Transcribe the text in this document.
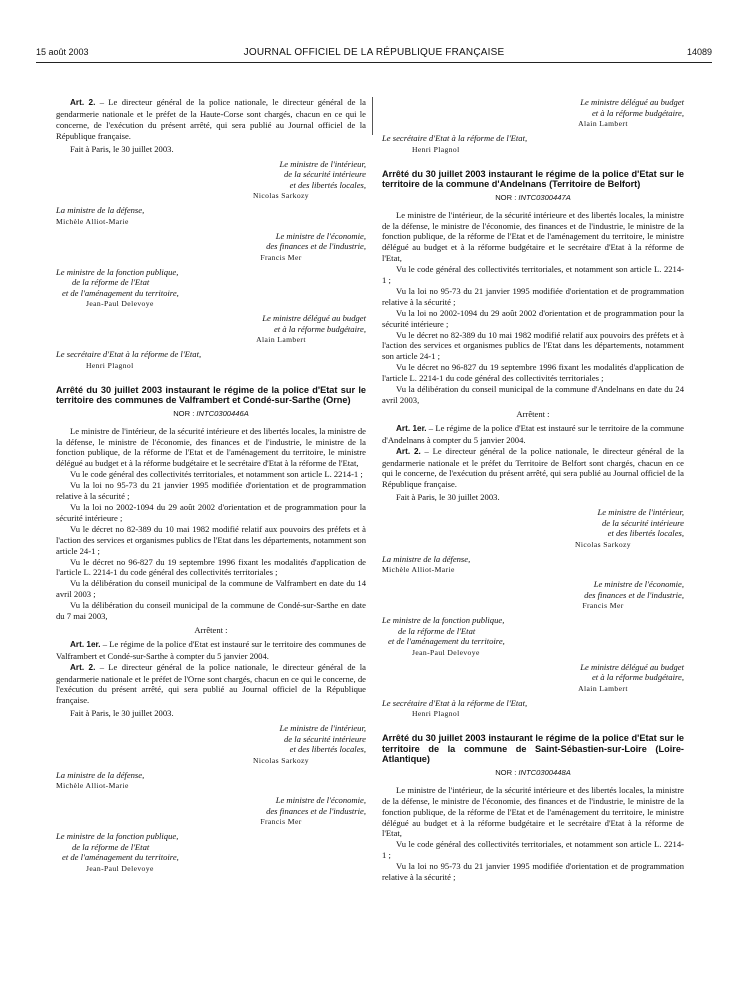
15 août 2003	JOURNAL OFFICIEL DE LA RÉPUBLIQUE FRANÇAISE	14089

Art. 2. – Le directeur général de la police nationale, le directeur général de la gendarmerie nationale et le préfet de la Haute-Corse sont chargés, chacun en ce qui le concerne, de l'exécution du présent arrêté, qui sera publié au Journal officiel de la République française.

Fait à Paris, le 30 juillet 2003.

Le ministre de l'intérieur,
de la sécurité intérieure
et des libertés locales,
Nicolas Sarkozy
La ministre de la défense,
Michèle Alliot-Marie
Le ministre de l'économie,
des finances et de l'industrie,
Francis Mer
Le ministre de la fonction publique,
de la réforme de l'Etat
et de l'aménagement du territoire,
Jean-Paul Delevoye
Le ministre délégué au budget
et à la réforme budgétaire,
Alain Lambert
Le secrétaire d'Etat à la réforme de l'Etat,
Henri Plagnol

Arrêté du 30 juillet 2003 instaurant le régime de la police d'Etat sur le territoire des communes de Valframbert et Condé-sur-Sarthe (Orne)

NOR : INTC0300446A

Le ministre de l'intérieur, de la sécurité intérieure et des libertés locales, la ministre de la défense, le ministre de l'économie, des finances et de l'industrie, le ministre de la fonction publique, de la réforme de l'Etat et de l'aménagement du territoire, le ministre délégué au budget et à la réforme budgétaire et le secrétaire d'Etat à la réforme de l'Etat,

Vu le code général des collectivités territoriales, et notamment son article L. 2214-1 ;

Vu la loi no 95-73 du 21 janvier 1995 modifiée d'orientation et de programmation relative à la sécurité ;

Vu la loi no 2002-1094 du 29 août 2002 d'orientation et de programmation pour la sécurité intérieure ;

Vu le décret no 82-389 du 10 mai 1982 modifié relatif aux pouvoirs des préfets et à l'action des services et organismes publics de l'Etat dans les départements, notamment son article 24-1 ;

Vu le décret no 96-827 du 19 septembre 1996 fixant les modalités d'application de l'article L. 2214-1 du code général des collectivités territoriales ;

Vu la délibération du conseil municipal de la commune de Valframbert en date du 14 avril 2003 ;

Vu la délibération du conseil municipal de la commune de Condé-sur-Sarthe en date du 7 mai 2003,

Arrêtent :

Art. 1er. – Le régime de la police d'Etat est instauré sur le territoire des communes de Valframbert et Condé-sur-Sarthe à compter du 5 janvier 2004.

Art. 2. – Le directeur général de la police nationale, le directeur général de la gendarmerie nationale et le préfet de l'Orne sont chargés, chacun en ce qui le concerne, de l'exécution du présent arrêté, qui sera publié au Journal officiel de la République française.

Fait à Paris, le 30 juillet 2003.

Le ministre de l'intérieur,
de la sécurité intérieure
et des libertés locales,
Nicolas Sarkozy
La ministre de la défense,
Michèle Alliot-Marie
Le ministre de l'économie,
des finances et de l'industrie,
Francis Mer
Le ministre de la fonction publique,
de la réforme de l'Etat
et de l'aménagement du territoire,
Jean-Paul Delevoye
Le ministre délégué au budget
et à la réforme budgétaire,
Alain Lambert
Le secrétaire d'Etat à la réforme de l'Etat,
Henri Plagnol

Arrêté du 30 juillet 2003 instaurant le régime de la police d'Etat sur le territoire de la commune d'Andelnans (Territoire de Belfort)

NOR : INTC0300447A

Le ministre de l'intérieur, de la sécurité intérieure et des libertés locales, la ministre de la défense, le ministre de l'économie, des finances et de l'industrie, le ministre de la fonction publique, de la réforme de l'Etat et de l'aménagement du territoire, le ministre délégué au budget et à la réforme budgétaire et le secrétaire d'Etat à la réforme de l'Etat,

Vu le code général des collectivités territoriales, et notamment son article L. 2214-1 ;

Vu la loi no 95-73 du 21 janvier 1995 modifiée d'orientation et de programmation relative à la sécurité ;

Vu la loi no 2002-1094 du 29 août 2002 d'orientation et de programmation pour la sécurité intérieure ;

Vu le décret no 82-389 du 10 mai 1982 modifié relatif aux pouvoirs des préfets et à l'action des services et organismes publics de l'Etat dans les départements, notamment son article 24-1 ;

Vu le décret no 96-827 du 19 septembre 1996 fixant les modalités d'application de l'article L. 2214-1 du code général des collectivités territoriales ;

Vu la délibération du conseil municipal de la commune d'Andelnans en date du 24 avril 2003,

Arrêtent :

Art. 1er. – Le régime de la police d'Etat est instauré sur le territoire de la commune d'Andelnans à compter du 5 janvier 2004.

Art. 2. – Le directeur général de la police nationale, le directeur général de la gendarmerie nationale et le préfet du Territoire de Belfort sont chargés, chacun en ce qui le concerne, de l'exécution du présent arrêté, qui sera publié au Journal officiel de la République française.

Fait à Paris, le 30 juillet 2003.

Le ministre de l'intérieur,
de la sécurité intérieure
et des libertés locales,
Nicolas Sarkozy
La ministre de la défense,
Michèle Alliot-Marie
Le ministre de l'économie,
des finances et de l'industrie,
Francis Mer
Le ministre de la fonction publique,
de la réforme de l'Etat
et de l'aménagement du territoire,
Jean-Paul Delevoye
Le ministre délégué au budget
et à la réforme budgétaire,
Alain Lambert
Le secrétaire d'Etat à la réforme de l'Etat,
Henri Plagnol

Arrêté du 30 juillet 2003 instaurant le régime de la police d'Etat sur le territoire de la commune de Saint-Sébastien-sur-Loire (Loire-Atlantique)

NOR : INTC0300448A

Le ministre de l'intérieur, de la sécurité intérieure et des libertés locales, la ministre de la défense, le ministre de l'économie, des finances et de l'industrie, le ministre de la fonction publique, de la réforme de l'Etat et de l'aménagement du territoire, le ministre délégué au budget et à la réforme budgétaire et le secrétaire d'Etat à la réforme de l'Etat,

Vu le code général des collectivités territoriales, et notamment son article L. 2214-1 ;

Vu la loi no 95-73 du 21 janvier 1995 modifiée d'orientation et de programmation relative à la sécurité ;
